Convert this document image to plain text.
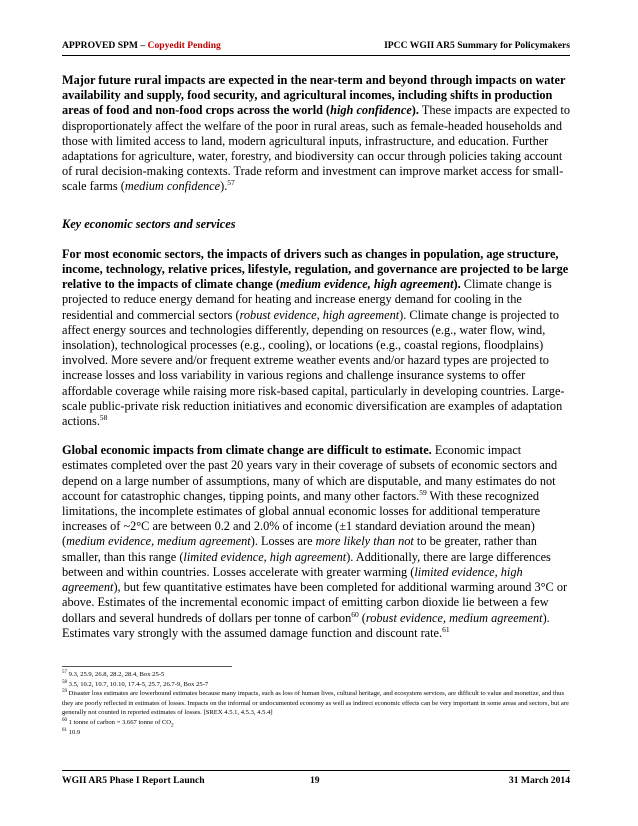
APPROVED SPM – Copyedit Pending	IPCC WGII AR5 Summary for Policymakers

Major future rural impacts are expected in the near-term and beyond through impacts on water availability and supply, food security, and agricultural incomes, including shifts in production areas of food and non-food crops across the world (high confidence). These impacts are expected to disproportionately affect the welfare of the poor in rural areas, such as female-headed households and those with limited access to land, modern agricultural inputs, infrastructure, and education. Further adaptations for agriculture, water, forestry, and biodiversity can occur through policies taking account of rural decision-making contexts. Trade reform and investment can improve market access for small-scale farms (medium confidence).$^{57}$

Key economic sectors and services

For most economic sectors, the impacts of drivers such as changes in population, age structure, income, technology, relative prices, lifestyle, regulation, and governance are projected to be large relative to the impacts of climate change (medium evidence, high agreement). Climate change is projected to reduce energy demand for heating and increase energy demand for cooling in the residential and commercial sectors (robust evidence, high agreement). Climate change is projected to affect energy sources and technologies differently, depending on resources (e.g., water flow, wind, insolation), technological processes (e.g., cooling), or locations (e.g., coastal regions, floodplains) involved. More severe and/or frequent extreme weather events and/or hazard types are projected to increase losses and loss variability in various regions and challenge insurance systems to offer affordable coverage while raising more risk-based capital, particularly in developing countries. Large-scale public-private risk reduction initiatives and economic diversification are examples of adaptation actions.$^{58}$

Global economic impacts from climate change are difficult to estimate. Economic impact estimates completed over the past 20 years vary in their coverage of subsets of economic sectors and depend on a large number of assumptions, many of which are disputable, and many estimates do not account for catastrophic changes, tipping points, and many other factors.$^{59}$ With these recognized limitations, the incomplete estimates of global annual economic losses for additional temperature increases of ~2°C are between 0.2 and 2.0% of income (±1 standard deviation around the mean) (medium evidence, medium agreement). Losses are more likely than not to be greater, rather than smaller, than this range (limited evidence, high agreement). Additionally, there are large differences between and within countries. Losses accelerate with greater warming (limited evidence, high agreement), but few quantitative estimates have been completed for additional warming around 3°C or above. Estimates of the incremental economic impact of emitting carbon dioxide lie between a few dollars and several hundreds of dollars per tonne of carbon$^{60}$ (robust evidence, medium agreement). Estimates vary strongly with the assumed damage function and discount rate.$^{61}$

$^{57}$ 9.3, 25.9, 26.8, 28.2, 28.4, Box 25-5

$^{58}$ 3.5, 10.2, 10.7, 10.10, 17.4-5, 25.7, 26.7-9, Box 25-7

$^{59}$ Disaster loss estimates are lowerbound estimates because many impacts, such as loss of human lives, cultural heritage, and ecosystem services, are difficult to value and monetize, and thus they are poorly reflected in estimates of losses. Impacts on the informal or undocumented economy as well as indirect economic effects can be very important in some areas and sectors, but are generally not counted in reported estimates of losses. [SREX 4.5.1, 4.5.3, 4.5.4]

$^{60}$ 1 tonne of carbon = 3.667 tonne of $CO_2$

$^{61}$ 10.9

WGII AR5 Phase I Report Launch	19	31 March 2014
